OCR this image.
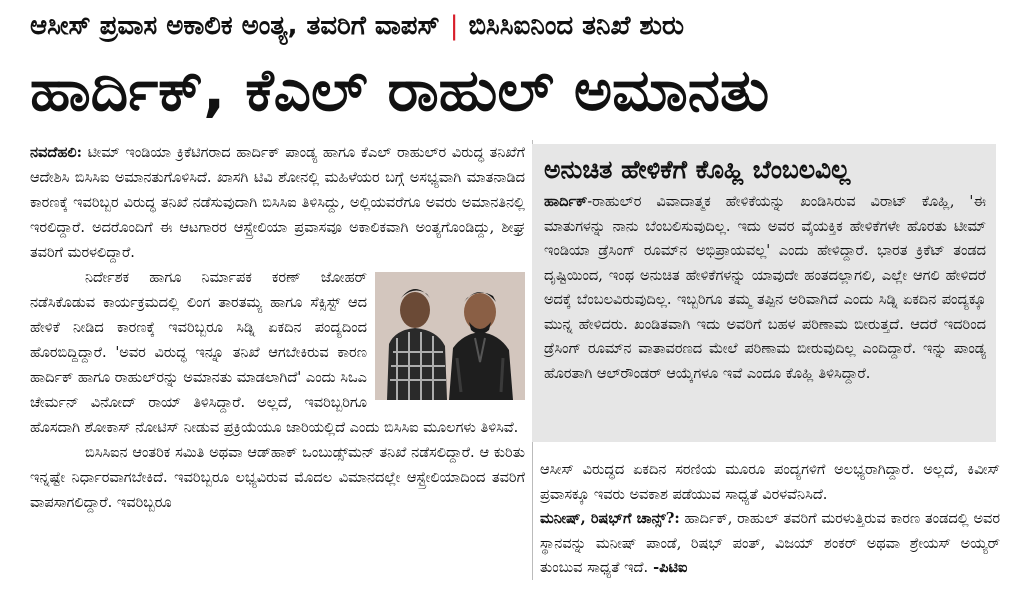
ಆಸೀಸ್ ಪ್ರವಾಸ ಅಕಾಲಿಕ ಅಂತ್ಯ, ತವರಿಗೆ ವಾಪಸ್ | ಬಿಸಿಸಿಐನಿಂದ ತನಿಖೆ ಶುರು
ಹಾರ್ದಿಕ್, ಕೆಎಲ್ ರಾಹುಲ್ ಅಮಾನತು

ನವದೆಹಲಿ: ಟೀಮ್ ಇಂಡಿಯಾ ಕ್ರಿಕೆಟಿಗರಾದ ಹಾರ್ದಿಕ್ ಪಾಂಡ್ಯ ಹಾಗೂ ಕೆಎಲ್ ರಾಹುಲ್‌ರ ವಿರುದ್ಧ ತನಿಖೆಗೆ ಆದೇಶಿಸಿ ಬಿಸಿಸಿಐ ಅಮಾನತುಗೊಳಿಸಿದೆ. ಖಾಸಗಿ ಟಿವಿ ಶೋನಲ್ಲಿ ಮಹಿಳೆಯರ ಬಗ್ಗೆ ಅಸಭ್ಯವಾಗಿ ಮಾತನಾಡಿದ ಕಾರಣಕ್ಕೆ ಇವರಿಬ್ಬರ ವಿರುದ್ಧ ತನಿಖೆ ನಡೆಸುವುದಾಗಿ ಬಿಸಿಸಿಐ ತಿಳಿಸಿದ್ದು, ಅಲ್ಲಿಯವರೆಗೂ ಅವರು ಅಮಾನತಿನಲ್ಲಿ ಇರಲಿದ್ದಾರೆ. ಅದರೊಂದಿಗೆ ಈ ಆಟಗಾರರ ಆಸ್ಟ್ರೇಲಿಯಾ ಪ್ರವಾಸವೂ ಅಕಾಲಿಕವಾಗಿ ಅಂತ್ಯಗೊಂಡಿದ್ದು, ಶೀಘ್ರ ತವರಿಗೆ ಮರಳಲಿದ್ದಾರೆ.

ನಿರ್ದೇಶಕ ಹಾಗೂ ನಿರ್ಮಾಪಕ ಕರಣ್ ಜೋಹರ್ ನಡೆಸಿಕೊಡುವ ಕಾರ್ಯಕ್ರಮದಲ್ಲಿ ಲಿಂಗ ತಾರತಮ್ಯ ಹಾಗೂ ಸೆಕ್ಸಿಸ್ಟ್ ಆದ ಹೇಳಿಕೆ ನೀಡಿದ ಕಾರಣಕ್ಕೆ ಇವರಿಬ್ಬರೂ ಸಿಡ್ನಿ ಏಕದಿನ ಪಂದ್ಯದಿಂದ ಹೊರಬಿದ್ದಿದ್ದಾರೆ. 'ಅವರ ವಿರುದ್ಧ ಇನ್ನೂ ತನಿಖೆ ಆಗಬೇಕಿರುವ ಕಾರಣ ಹಾರ್ದಿಕ್ ಹಾಗೂ ರಾಹುಲ್‌ರನ್ನು ಅಮಾನತು ಮಾಡಲಾಗಿದೆ' ಎಂದು ಸಿಒಎ ಚೇರ್ಮನ್ ವಿನೋದ್ ರಾಯ್ ತಿಳಿಸಿದ್ದಾರೆ. ಅಲ್ಲದೆ, ಇವರಿಬ್ಬರಿಗೂ ಹೊಸದಾಗಿ ಶೋಕಾಸ್ ನೋಟಿಸ್ ನೀಡುವ ಪ್ರಕ್ರಿಯೆಯೂ ಜಾರಿಯಲ್ಲಿದೆ ಎಂದು ಬಿಸಿಸಿಐ ಮೂಲಗಳು ತಿಳಿಸಿವೆ.

ಬಿಸಿಸಿಐನ ಆಂತರಿಕ ಸಮಿತಿ ಅಥವಾ ಆಡ್‌ಹಾಕ್ ಒಂಬುಡ್ಸ್‌ಮನ್ ತನಿಖೆ ನಡೆಸಲಿದ್ದಾರೆ. ಆ ಕುರಿತು ಇನ್ನಷ್ಟೇ ನಿರ್ಧಾರವಾಗಬೇಕಿದೆ. ಇವರಿಬ್ಬರೂ ಲಭ್ಯವಿರುವ ಮೊದಲ ವಿಮಾನದಲ್ಲೇ ಆಸ್ಟ್ರೇಲಿಯಾದಿಂದ ತವರಿಗೆ ವಾಪಸಾಗಲಿದ್ದಾರೆ. ಇವರಿಬ್ಬರೂ

ಅನುಚಿತ ಹೇಳಿಕೆಗೆ ಕೊಹ್ಲಿ ಬೆಂಬಲವಿಲ್ಲ
ಹಾರ್ದಿಕ್-ರಾಹುಲ್‌ರ ವಿವಾದಾತ್ಮಕ ಹೇಳಿಕೆಯನ್ನು ಖಂಡಿಸಿರುವ ವಿರಾಟ್ ಕೊಹ್ಲಿ, 'ಈ ಮಾತುಗಳನ್ನು ನಾನು ಬೆಂಬಲಿಸುವುದಿಲ್ಲ. ಇದು ಅವರ ವೈಯಕ್ತಿಕ ಹೇಳಿಕೆಗಳೇ ಹೊರತು ಟೀಮ್ ಇಂಡಿಯಾ ಡ್ರೆಸಿಂಗ್ ರೂಮ್‌ನ ಅಭಿಪ್ರಾಯವಲ್ಲ' ಎಂದು ಹೇಳಿದ್ದಾರೆ. ಭಾರತ ಕ್ರಿಕೆಟ್ ತಂಡದ ದೃಷ್ಟಿಯಿಂದ, ಇಂಥ ಅನುಚಿತ ಹೇಳಿಕೆಗಳನ್ನು ಯಾವುದೇ ಹಂತದಲ್ಲಾಗಲಿ, ಎಲ್ಲೇ ಆಗಲಿ ಹೇಳಿದರೆ ಅದಕ್ಕೆ ಬೆಂಬಲವಿರುವುದಿಲ್ಲ. ಇಬ್ಬರಿಗೂ ತಮ್ಮ ತಪ್ಪಿನ ಅರಿವಾಗಿದೆ ಎಂದು ಸಿಡ್ನಿ ಏಕದಿನ ಪಂದ್ಯಕ್ಕೂ ಮುನ್ನ ಹೇಳಿದರು. ಖಂಡಿತವಾಗಿ ಇದು ಅವರಿಗೆ ಬಹಳ ಪರಿಣಾಮ ಬೀರುತ್ತದೆ. ಆದರೆ ಇದರಿಂದ ಡ್ರೆಸಿಂಗ್ ರೂಮ್‌ನ ವಾತಾವರಣದ ಮೇಲೆ ಪರಿಣಾಮ ಬೀರುವುದಿಲ್ಲ ಎಂದಿದ್ದಾರೆ. ಇನ್ನು ಪಾಂಡ್ಯ ಹೊರತಾಗಿ ಆಲ್‌ರೌಂಡರ್ ಆಯ್ಕೆಗಳೂ ಇವೆ ಎಂದೂ ಕೊಹ್ಲಿ ತಿಳಿಸಿದ್ದಾರೆ.

ಆಸೀಸ್ ವಿರುದ್ಧದ ಏಕದಿನ ಸರಣಿಯ ಮೂರೂ ಪಂದ್ಯಗಳಿಗೆ ಅಲಭ್ಯರಾಗಿದ್ದಾರೆ. ಅಲ್ಲದೆ, ಕಿವೀಸ್ ಪ್ರವಾಸಕ್ಕೂ ಇವರು ಅವಕಾಶ ಪಡೆಯುವ ಸಾಧ್ಯತೆ ವಿರಳವೆನಿಸಿದೆ.

ಮನೀಷ್, ರಿಷಭ್‌ಗೆ ಚಾನ್ಸ್?: ಹಾರ್ದಿಕ್, ರಾಹುಲ್ ತವರಿಗೆ ಮರಳುತ್ತಿರುವ ಕಾರಣ ತಂಡದಲ್ಲಿ ಅವರ ಸ್ಥಾನವನ್ನು ಮನೀಷ್ ಪಾಂಡೆ, ರಿಷಭ್ ಪಂತ್, ವಿಜಯ್ ಶಂಕರ್ ಅಥವಾ ಶ್ರೇಯಸ್ ಅಯ್ಯರ್ ತುಂಬುವ ಸಾಧ್ಯತೆ ಇದೆ. -ಪಿಟಿಐ
